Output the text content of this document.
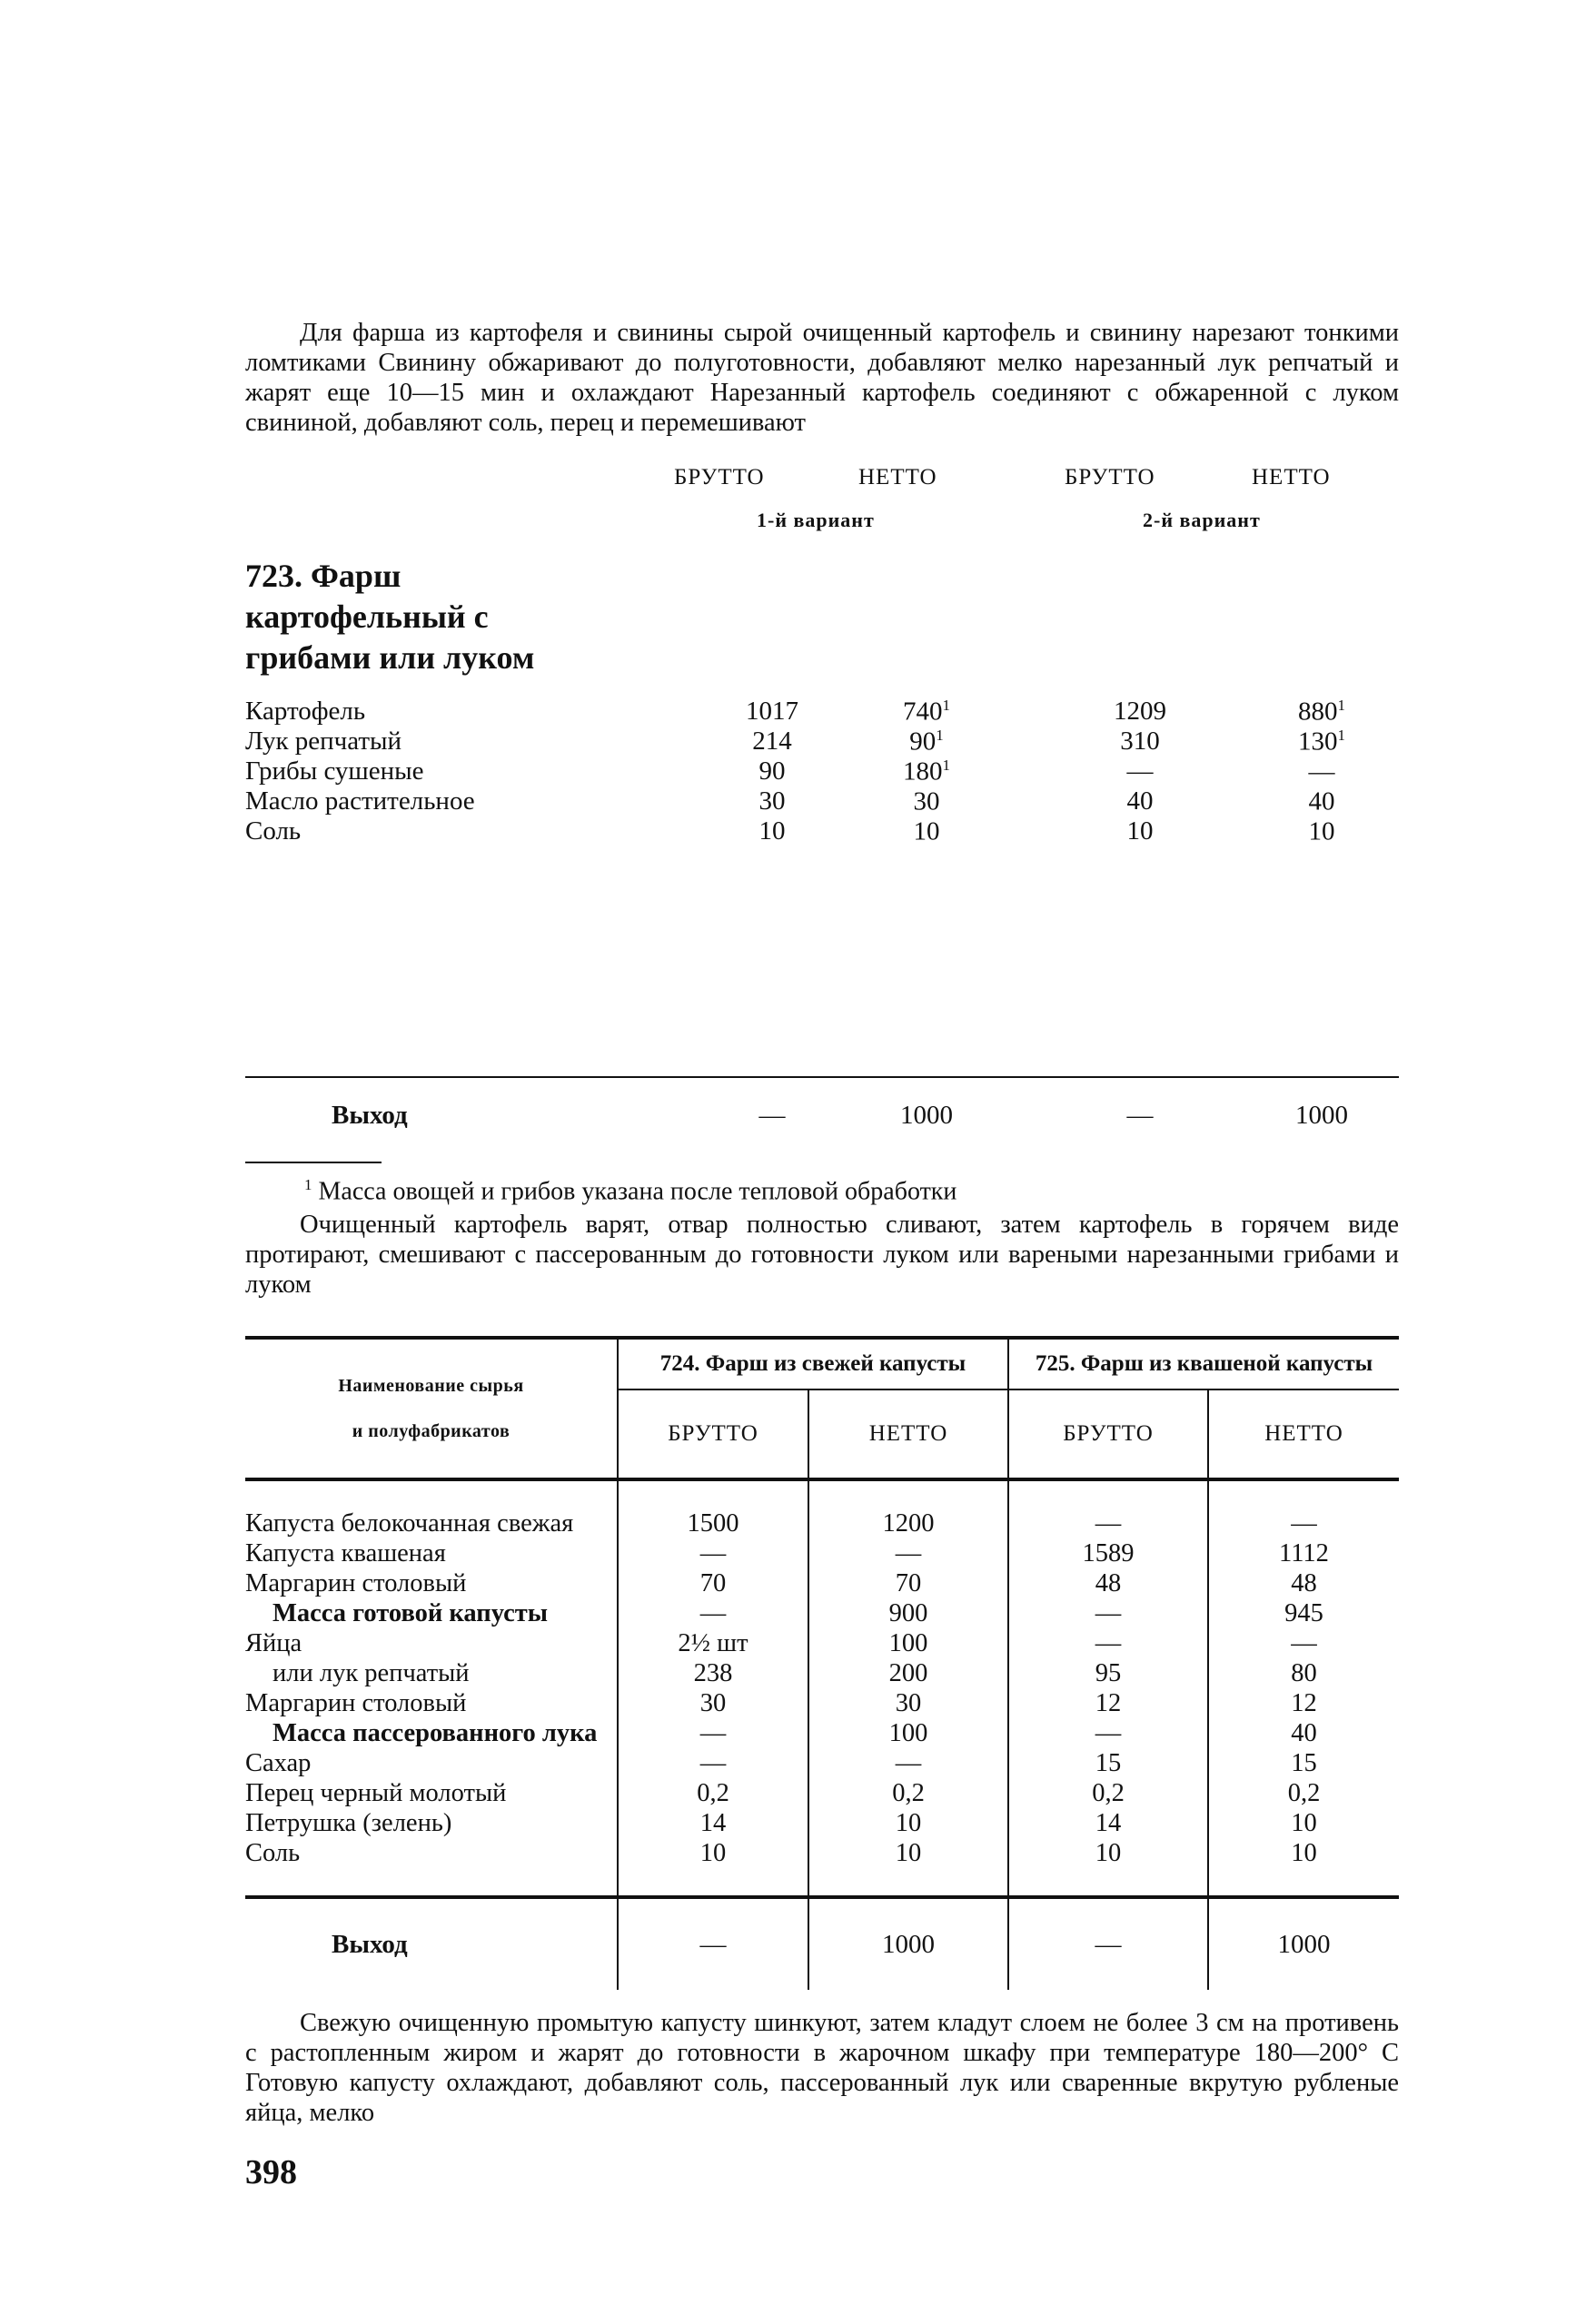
Для фарша из картофеля и свинины сырой очищенный картофель и свинину нарезают тонкими ломтиками Свинину обжаривают до полуготовности, добавляют мелко нарезанный лук репчатый и жарят еще 10—15 мин и охлаждают Нарезанный картофель соединяют с обжаренной с луком свининой, добавляют соль, перец и перемешивают

БРУТТО	НЕТТО	БРУТТО	НЕТТО
1-й вариант	2-й вариант
723. Фарш картофельный с грибами или луком
Картофель	1017	$740^1$	1209	$880^1$
Лук репчатый	214	$90^1$	310	$130^1$
Грибы сушеные	90	$180^1$	—	—
Масло растительное	30	30	40	40
Соль	10	10	10	10
Выход	—	1000	—	1000
$^1$ Масса овощей и грибов указана после тепловой обработки

Очищенный картофель варят, отвар полностью сливают, затем картофель в горячем виде протирают, смешивают с пассерованным до готовности луком или вареными нарезанными грибами и луком

Наименование сырья
и полуфабрикатов	724. Фарш из свежей капусты		725. Фарш из квашеной капусты	
	БРУТТО	НЕТТО	БРУТТО	НЕТТО

Капуста белокочанная свежая	1500	1200	—	—
Капуста квашеная	—	—	1589	1112
Маргарин столовый	70	70	48	48
Масса готовой капусты	—	900	—	945
Яйца	2½ шт	100	—	—
или лук репчатый	238	200	95	80
Маргарин столовый	30	30	12	12
Масса пассерованного лука	—	100	—	40
Сахар	—	—	15	15
Перец черный молотый	0,2	0,2	0,2	0,2
Петрушка (зелень)	14	10	14	10
Соль	10	10	10	10

Выход	—	1000	—	1000

Свежую очищенную промытую капусту шинкуют, затем кладут слоем не более 3 см на противень с растопленным жиром и жарят до готовности в жарочном шкафу при температуре 180—200° С Готовую капусту охлаждают, добавляют соль, пассерованный лук или сваренные вкрутую рубленые яйца, мелко

398
